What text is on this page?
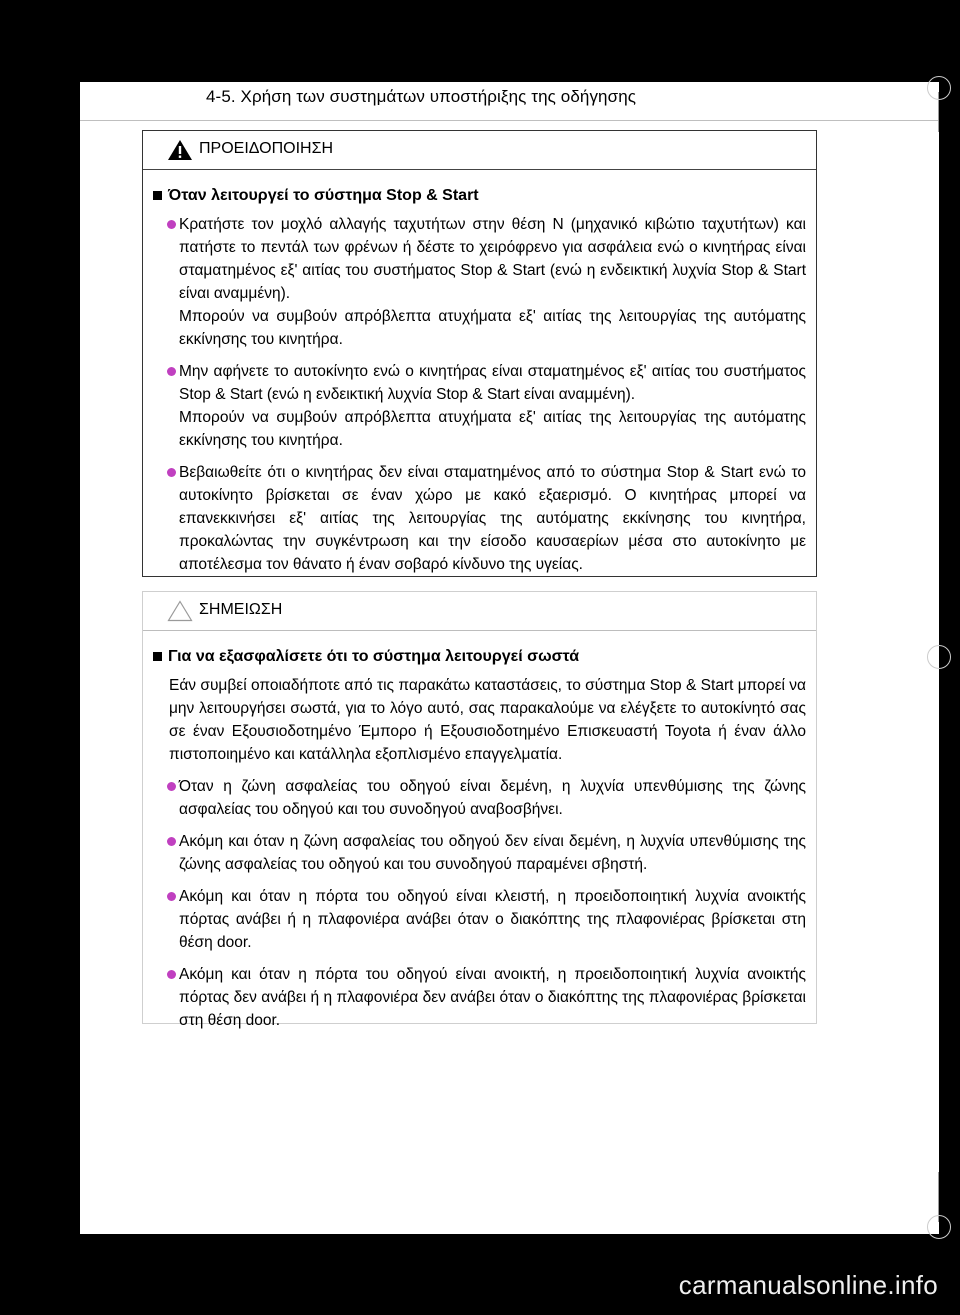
4-5. Χρήση των συστημάτων υποστήριξης της οδήγησης
ΠΡΟΕΙΔΟΠΟΙΗΣΗ
Όταν λειτουργεί το σύστημα Stop & Start

Κρατήστε τον μοχλό αλλαγής ταχυτήτων στην θέση N (μηχανικό κιβώτιο ταχυτήτων) και πατήστε το πεντάλ των φρένων ή δέστε το χειρόφρενο για ασφάλεια ενώ ο κινητήρας είναι σταματημένος εξ' αιτίας του συστήματος Stop & Start (ενώ η ενδεικτική λυχνία Stop & Start είναι αναμμένη).

Μπορούν να συμβούν απρόβλεπτα ατυχήματα εξ' αιτίας της λειτουργίας της αυτόματης εκκίνησης του κινητήρα.

Μην αφήνετε το αυτοκίνητο ενώ ο κινητήρας είναι σταματημένος εξ' αιτίας του συστήματος Stop & Start (ενώ η ενδεικτική λυχνία Stop & Start είναι αναμμένη).

Μπορούν να συμβούν απρόβλεπτα ατυχήματα εξ' αιτίας της λειτουργίας της αυτόματης εκκίνησης του κινητήρα.

Βεβαιωθείτε ότι ο κινητήρας δεν είναι σταματημένος από το σύστημα Stop & Start ενώ το αυτοκίνητο βρίσκεται σε έναν χώρο με κακό εξαερισμό. Ο κινητήρας μπορεί να επανεκκινήσει εξ' αιτίας της λειτουργίας της αυτόματης εκκίνησης του κινητήρα, προκαλώντας την συγκέντρωση και την είσοδο καυσαερίων μέσα στο αυτοκίνητο με αποτέλεσμα τον θάνατο ή έναν σοβαρό κίνδυνο της υγείας.

ΣΗΜΕΙΩΣΗ
Για να εξασφαλίσετε ότι το σύστημα λειτουργεί σωστά
Εάν συμβεί οποιαδήποτε από τις παρακάτω καταστάσεις, το σύστημα Stop & Start μπορεί να μην λειτουργήσει σωστά, για το λόγο αυτό, σας παρακαλούμε να ελέγξετε το αυτοκίνητό σας σε έναν Εξουσιοδοτημένο Έμπορο ή Εξουσιοδοτημένο Επισκευαστή Toyota ή έναν άλλο πιστοποιημένο και κατάλληλα εξοπλισμένο επαγγελματία.

Όταν η ζώνη ασφαλείας του οδηγού είναι δεμένη, η λυχνία υπενθύμισης της ζώνης ασφαλείας του οδηγού και του συνοδηγού αναβοσβήνει.

Ακόμη και όταν η ζώνη ασφαλείας του οδηγού δεν είναι δεμένη, η λυχνία υπενθύμισης της ζώνης ασφαλείας του οδηγού και του συνοδηγού παραμένει σβηστή.

Ακόμη και όταν η πόρτα του οδηγού είναι κλειστή, η προειδοποιητική λυχνία ανοικτής πόρτας ανάβει ή η πλαφονιέρα ανάβει όταν ο διακόπτης της πλαφονιέρας βρίσκεται στη θέση door.

Ακόμη και όταν η πόρτα του οδηγού είναι ανοικτή, η προειδοποιητική λυχνία ανοικτής πόρτας δεν ανάβει ή η πλαφονιέρα δεν ανάβει όταν ο διακόπτης της πλαφονιέρας βρίσκεται στη θέση door.

carmanualsonline.info
